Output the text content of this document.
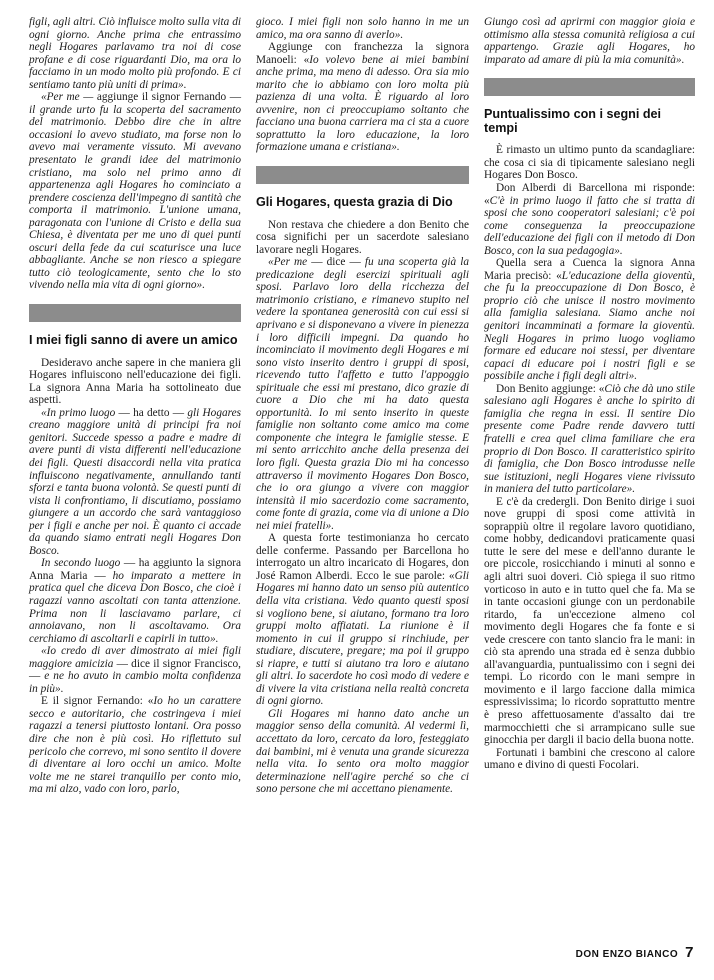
figli, agli altri. Ciò influisce molto sulla vita di ogni giorno. Anche prima che entrassimo negli Hogares parlavamo tra noi di cose profane e di cose riguardanti Dio, ma ora lo facciamo in un modo molto più profondo. E ci sentiamo tanto più uniti di prima».

«Per me — aggiunge il signor Fernando — il grande urto fu la scoperta del sacramento del matrimonio. Debbo dire che in altre occasioni lo avevo studiato, ma forse non lo avevo mai veramente vissuto. Mi avevano presentato le grandi idee del matrimonio cristiano, ma solo nel primo anno di appartenenza agli Hogares ho cominciato a prendere coscienza dell'impegno di santità che comporta il matrimonio. L'unione umana, paragonata con l'unione di Cristo e della sua Chiesa, è diventata per me uno di quei punti oscuri della fede da cui scaturisce una luce abbagliante. Anche se non riesco a spiegare tutto ciò teologicamente, sento che lo sto vivendo nella mia vita di ogni giorno».

I miei figli sanno di avere un amico

Desideravo anche sapere in che maniera gli Hogares influiscono nell'educazione dei figli. La signora Anna Maria ha sottolineato due aspetti.

«In primo luogo — ha detto — gli Hogares creano maggiore unità di principi fra noi genitori. Succede spesso a padre e madre di avere punti di vista differenti nell'educazione dei figli. Questi disaccordi nella vita pratica influiscono negativamente, annullando tanti sforzi e tanta buona volontà. Se questi punti di vista li confrontiamo, li discutiamo, possiamo giungere a un accordo che sarà vantaggioso per i figli e anche per noi. È quanto ci accade da quando siamo entrati negli Hogares Don Bosco.

In secondo luogo — ha aggiunto la signora Anna Maria — ho imparato a mettere in pratica quel che diceva Don Bosco, che cioè i ragazzi vanno ascoltati con tanta attenzione. Prima non li lasciavamo parlare, ci annoiavano, non li ascoltavamo. Ora cerchiamo di ascoltarli e capirli in tutto».

«Io credo di aver dimostrato ai miei figli maggiore amicizia — dice il signor Francisco, — e ne ho avuto in cambio molta confidenza in più».

E il signor Fernando: «Io ho un carattere secco e autoritario, che costringeva i miei ragazzi a tenersi piuttosto lontani. Ora posso dire che non è più così. Ho riflettuto sul pericolo che correvo, mi sono sentito il dovere di diventare ai loro occhi un amico. Molte volte me ne starei tranquillo per conto mio, ma mi alzo, vado con loro, parlo,

gioco. I miei figli non solo hanno in me un amico, ma ora sanno di averlo».

Aggiunge con franchezza la signora Manoeli: «Io volevo bene ai miei bambini anche prima, ma meno di adesso. Ora sia mio marito che io abbiamo con loro molta più pazienza di una volta. È riguardo al loro avvenire, non ci preoccupiamo soltanto che facciano una buona carriera ma ci sta a cuore soprattutto la loro educazione, la loro formazione umana e cristiana».

Gli Hogares, questa grazia di Dio

Non restava che chiedere a don Benito che cosa significhi per un sacerdote salesiano lavorare negli Hogares.

«Per me — dice — fu una scoperta già la predicazione degli esercizi spirituali agli sposi. Parlavo loro della ricchezza del matrimonio cristiano, e rimanevo stupito nel vedere la spontanea generosità con cui essi si aprivano e si disponevano a vivere in pienezza i loro difficili impegni. Da quando ho incominciato il movimento degli Hogares e mi sono visto inserito dentro i gruppi di sposi, ricevendo tutto l'affetto e tutto l'appoggio spirituale che essi mi prestano, dico grazie di cuore a Dio che mi ha dato questa opportunità. Io mi sento inserito in queste famiglie non soltanto come amico ma come componente che integra le famiglie stesse. E mi sento arricchito anche della presenza dei loro figli. Questa grazia Dio mi ha concesso attraverso il movimento Hogares Don Bosco, che io ora giungo a vivere con maggior intensità il mio sacerdozio come sacramento, come fonte di grazia, come via di unione a Dio nei miei fratelli».

A questa forte testimonianza ho cercato delle conferme. Passando per Barcellona ho interrogato un altro incaricato di Hogares, don José Ramon Alberdi. Ecco le sue parole: «Gli Hogares mi hanno dato un senso più autentico della vita cristiana. Vedo quanto questi sposi si vogliono bene, si aiutano, formano tra loro gruppi molto affiatati. La riunione è il momento in cui il gruppo si rinchiude, per studiare, discutere, pregare; ma poi il gruppo si riapre, e tutti si aiutano tra loro e aiutano gli altri. Io sacerdote ho così modo di vedere e di vivere la vita cristiana nella realtà concreta di ogni giorno.

Gli Hogares mi hanno dato anche un maggior senso della comunità. Al vedermi lì, accettato da loro, cercato da loro, festeggiato dai bambini, mi è venuta una grande sicurezza nella vita. Io sento ora molto maggior determinazione nell'agire perché so che ci sono persone che mi accettano pienamente.

Giungo così ad aprirmi con maggior gioia e ottimismo alla stessa comunità religiosa a cui appartengo. Grazie agli Hogares, ho imparato ad amare di più la mia comunità».

Puntualissimo con i segni dei tempi

È rimasto un ultimo punto da scandagliare: che cosa ci sia di tipicamente salesiano negli Hogares Don Bosco.

Don Alberdi di Barcellona mi risponde: «C'è in primo luogo il fatto che si tratta di sposi che sono cooperatori salesiani; c'è poi come conseguenza la preoccupazione dell'educazione dei figli con il metodo di Don Bosco, con la sua pedagogia».

Quella sera a Cuenca la signora Anna Maria precisò: «L'educazione della gioventù, che fu la preoccupazione di Don Bosco, è proprio ciò che unisce il nostro movimento alla famiglia salesiana. Siamo anche noi genitori incamminati a formare la gioventù. Negli Hogares in primo luogo vogliamo formare ed educare noi stessi, per diventare capaci di educare poi i nostri figli e se possibile anche i figli degli altri».

Don Benito aggiunge: «Ciò che dà uno stile salesiano agli Hogares è anche lo spirito di famiglia che regna in essi. Il sentire Dio presente come Padre rende davvero tutti fratelli e crea quel clima familiare che era proprio di Don Bosco. Il caratteristico spirito di famiglia, che Don Bosco introdusse nelle sue istituzioni, negli Hogares viene rivissuto in maniera del tutto particolare».

E c'è da credergli. Don Benito dirige i suoi nove gruppi di sposi come attività in soprappiù oltre il regolare lavoro quotidiano, come hobby, dedicandovi praticamente quasi tutte le sere del mese e dell'anno durante le ore piccole, rosicchiando i minuti al sonno e agli altri suoi doveri. Ciò spiega il suo ritmo vorticoso in auto e in tutto quel che fa. Ma se in tante occasioni giunge con un perdonabile ritardo, fa un'eccezione almeno col movimento degli Hogares che fa fonte e si vede crescere con tanto slancio fra le mani: in ciò sta aprendo una strada ed è senza dubbio all'avanguardia, puntualissimo con i segni dei tempi. Lo ricordo con le mani sempre in movimento e il largo faccione dalla mimica espressivissima; lo ricordo soprattutto mentre è preso affettuosamente d'assalto dai tre marmocchietti che si arrampicano sulle sue ginocchia per dargli il bacio della buona notte.

Fortunati i bambini che crescono al calore umano e divino di questi Focolari.

DON ENZO BIANCO 7
